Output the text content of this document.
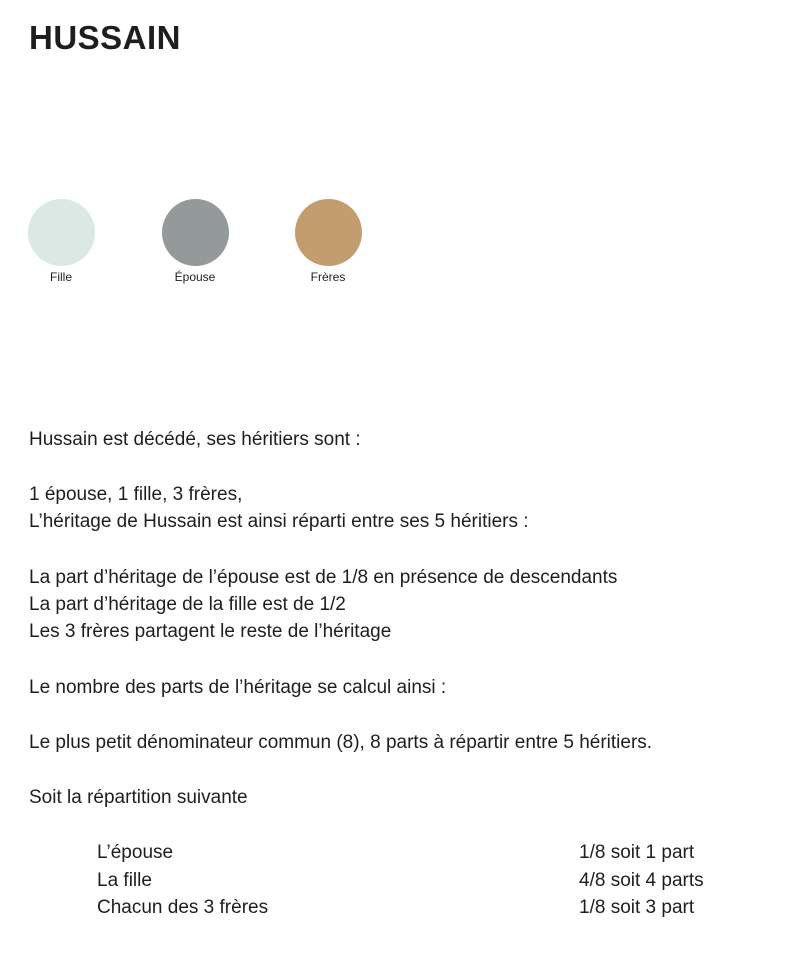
HUSSAIN
Fille	Épouse	Frères
Hussain est décédé, ses héritiers sont :
1 épouse, 1 fille, 3 frères,
L’héritage de Hussain est ainsi réparti entre ses 5 héritiers :
La part d’héritage de l’épouse est de 1/8 en présence de descendants
La part d’héritage de la fille est de 1/2
Les 3 frères partagent le reste de l’héritage
Le nombre des parts de l’héritage se calcul ainsi :
Le plus petit dénominateur commun (8), 8 parts à répartir entre 5 héritiers.
Soit la répartition suivante
L’épouse	1/8 soit 1 part
La fille	4/8 soit 4 parts
Chacun des 3 frères	1/8 soit 3 part
